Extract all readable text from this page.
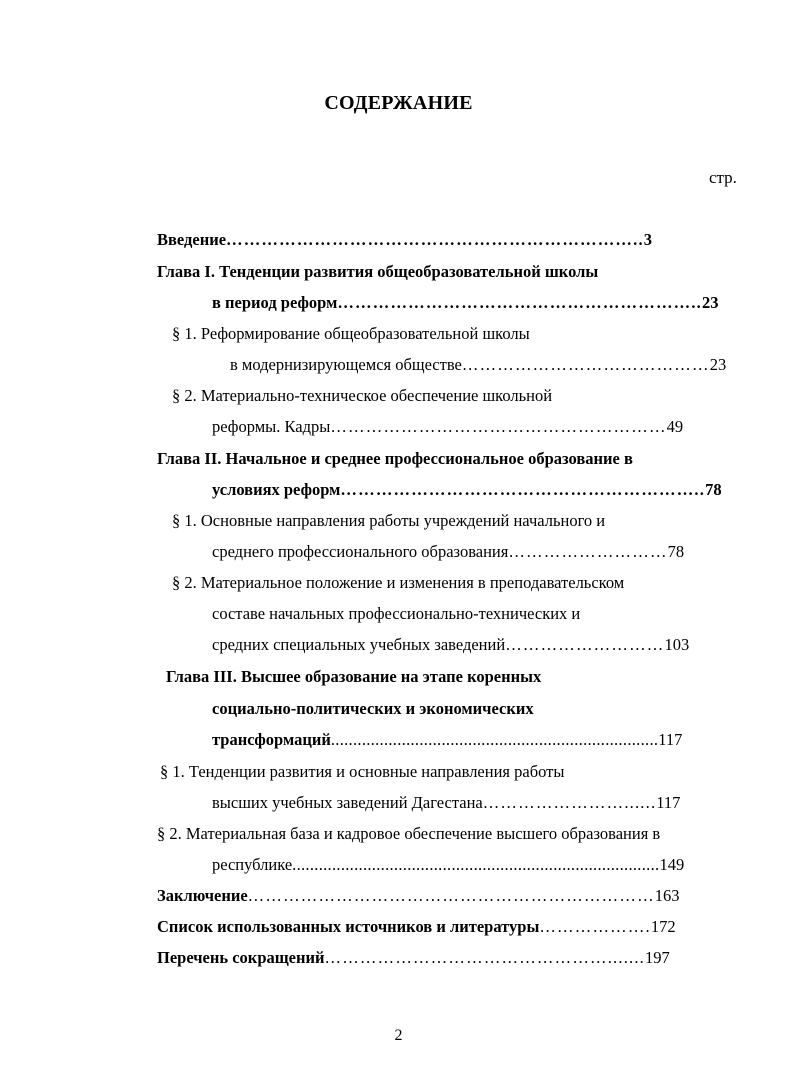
СОДЕРЖАНИЕ
стр.
Введение……………………………………………………………..3
Глава I. Тенденции развития общеобразовательной школы
в период реформ……………………………………………………..23
§ 1. Реформирование общеобразовательной школы
в модернизирующемся обществе……………………………………23
§ 2. Материально-техническое обеспечение школьной
реформы. Кадры…………………………………………………49
Глава II. Начальное и среднее профессиональное образование в
условиях реформ……………………………………………………..78
§ 1. Основные направления работы учреждений начального и
среднего профессионального образования………………………78
§ 2. Материальное положение и изменения в преподавательском
составе начальных профессионально-технических и
средних специальных учебных заведений………………………103
Глава III. Высшее образование на этапе коренных
социально-политических и экономических
трансформаций..........................................................................117
§ 1. Тенденции развития и основные направления работы
высших учебных заведений Дагестана……………………......117
§ 2. Материальная база и кадровое обеспечение высшего образования в
республике...................................................................................149
Заключение……………………………………………………………163
Список использованных источников и литературы……………….172
Перечень сокращений………………………………………….......197
2
